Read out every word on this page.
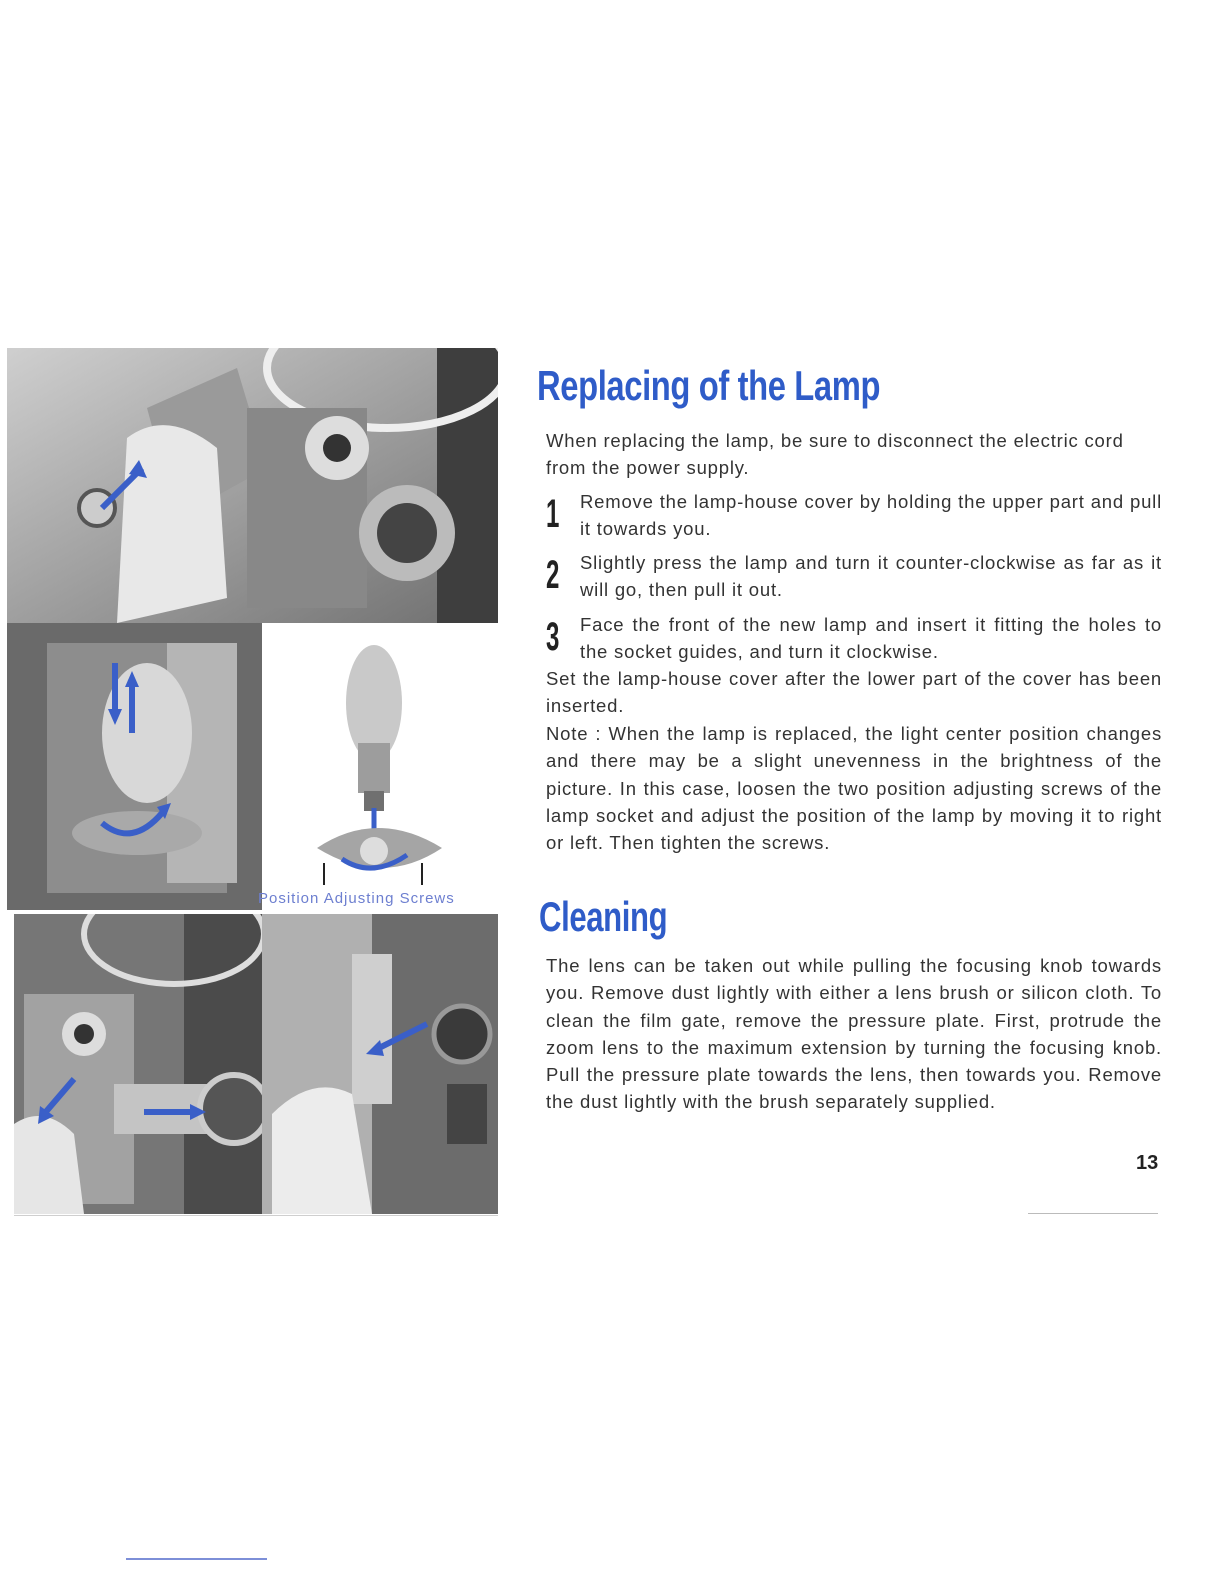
Position Adjusting Screws
Replacing of the Lamp

When replacing the lamp, be sure to disconnect the electric cord from the power supply.

1 Remove the lamp-house cover by holding the upper part and pull it towards you.

2 Slightly press the lamp and turn it counter-clockwise as far as it will go, then pull it out.

3 Face the front of the new lamp and insert it fitting the holes to the socket guides, and turn it clockwise.

Set the lamp-house cover after the lower part of the cover has been inserted.

Note : When the lamp is replaced, the light center position changes and there may be a slight unevenness in the brightness of the picture. In this case, loosen the two position adjusting screws of the lamp socket and adjust the position of the lamp by moving it to right or left. Then tighten the screws.

Cleaning

The lens can be taken out while pulling the focusing knob towards you. Remove dust lightly with either a lens brush or silicon cloth. To clean the film gate, remove the pressure plate. First, protrude the zoom lens to the maximum extension by turning the focusing knob. Pull the pressure plate towards the lens, then towards you. Remove the dust lightly with the brush separately supplied.

13
